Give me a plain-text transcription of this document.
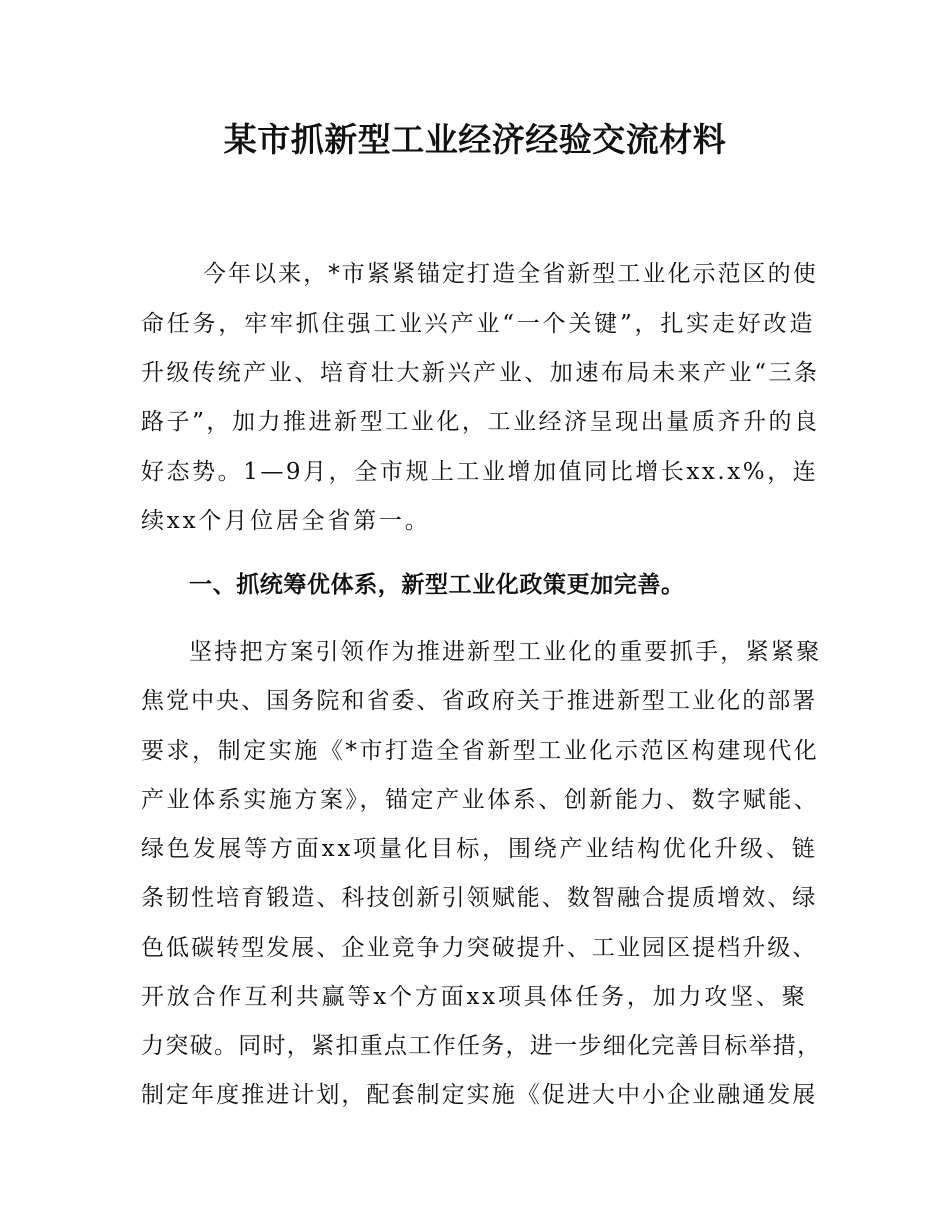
某市抓新型工业经济经验交流材料
今年以来，*市紧紧锚定打造全省新型工业化示范区的使
命任务，牢牢抓住强工业兴产业“一个关键”，扎实走好改造
升级传统产业、培育壮大新兴产业、加速布局未来产业“三条
路子”，加力推进新型工业化，工业经济呈现出量质齐升的良
好态势。1—9月，全市规上工业增加值同比增长xx.x%，连
续xx个月位居全省第一。
一、抓统筹优体系，新型工业化政策更加完善。
坚持把方案引领作为推进新型工业化的重要抓手，紧紧聚
焦党中央、国务院和省委、省政府关于推进新型工业化的部署
要求，制定实施《*市打造全省新型工业化示范区构建现代化
产业体系实施方案》，锚定产业体系、创新能力、数字赋能、
绿色发展等方面xx项量化目标，围绕产业结构优化升级、链
条韧性培育锻造、科技创新引领赋能、数智融合提质增效、绿
色低碳转型发展、企业竞争力突破提升、工业园区提档升级、
开放合作互利共赢等x个方面xx项具体任务，加力攻坚、聚
力突破。同时，紧扣重点工作任务，进一步细化完善目标举措，
制定年度推进计划，配套制定实施《促进大中小企业融通发展
